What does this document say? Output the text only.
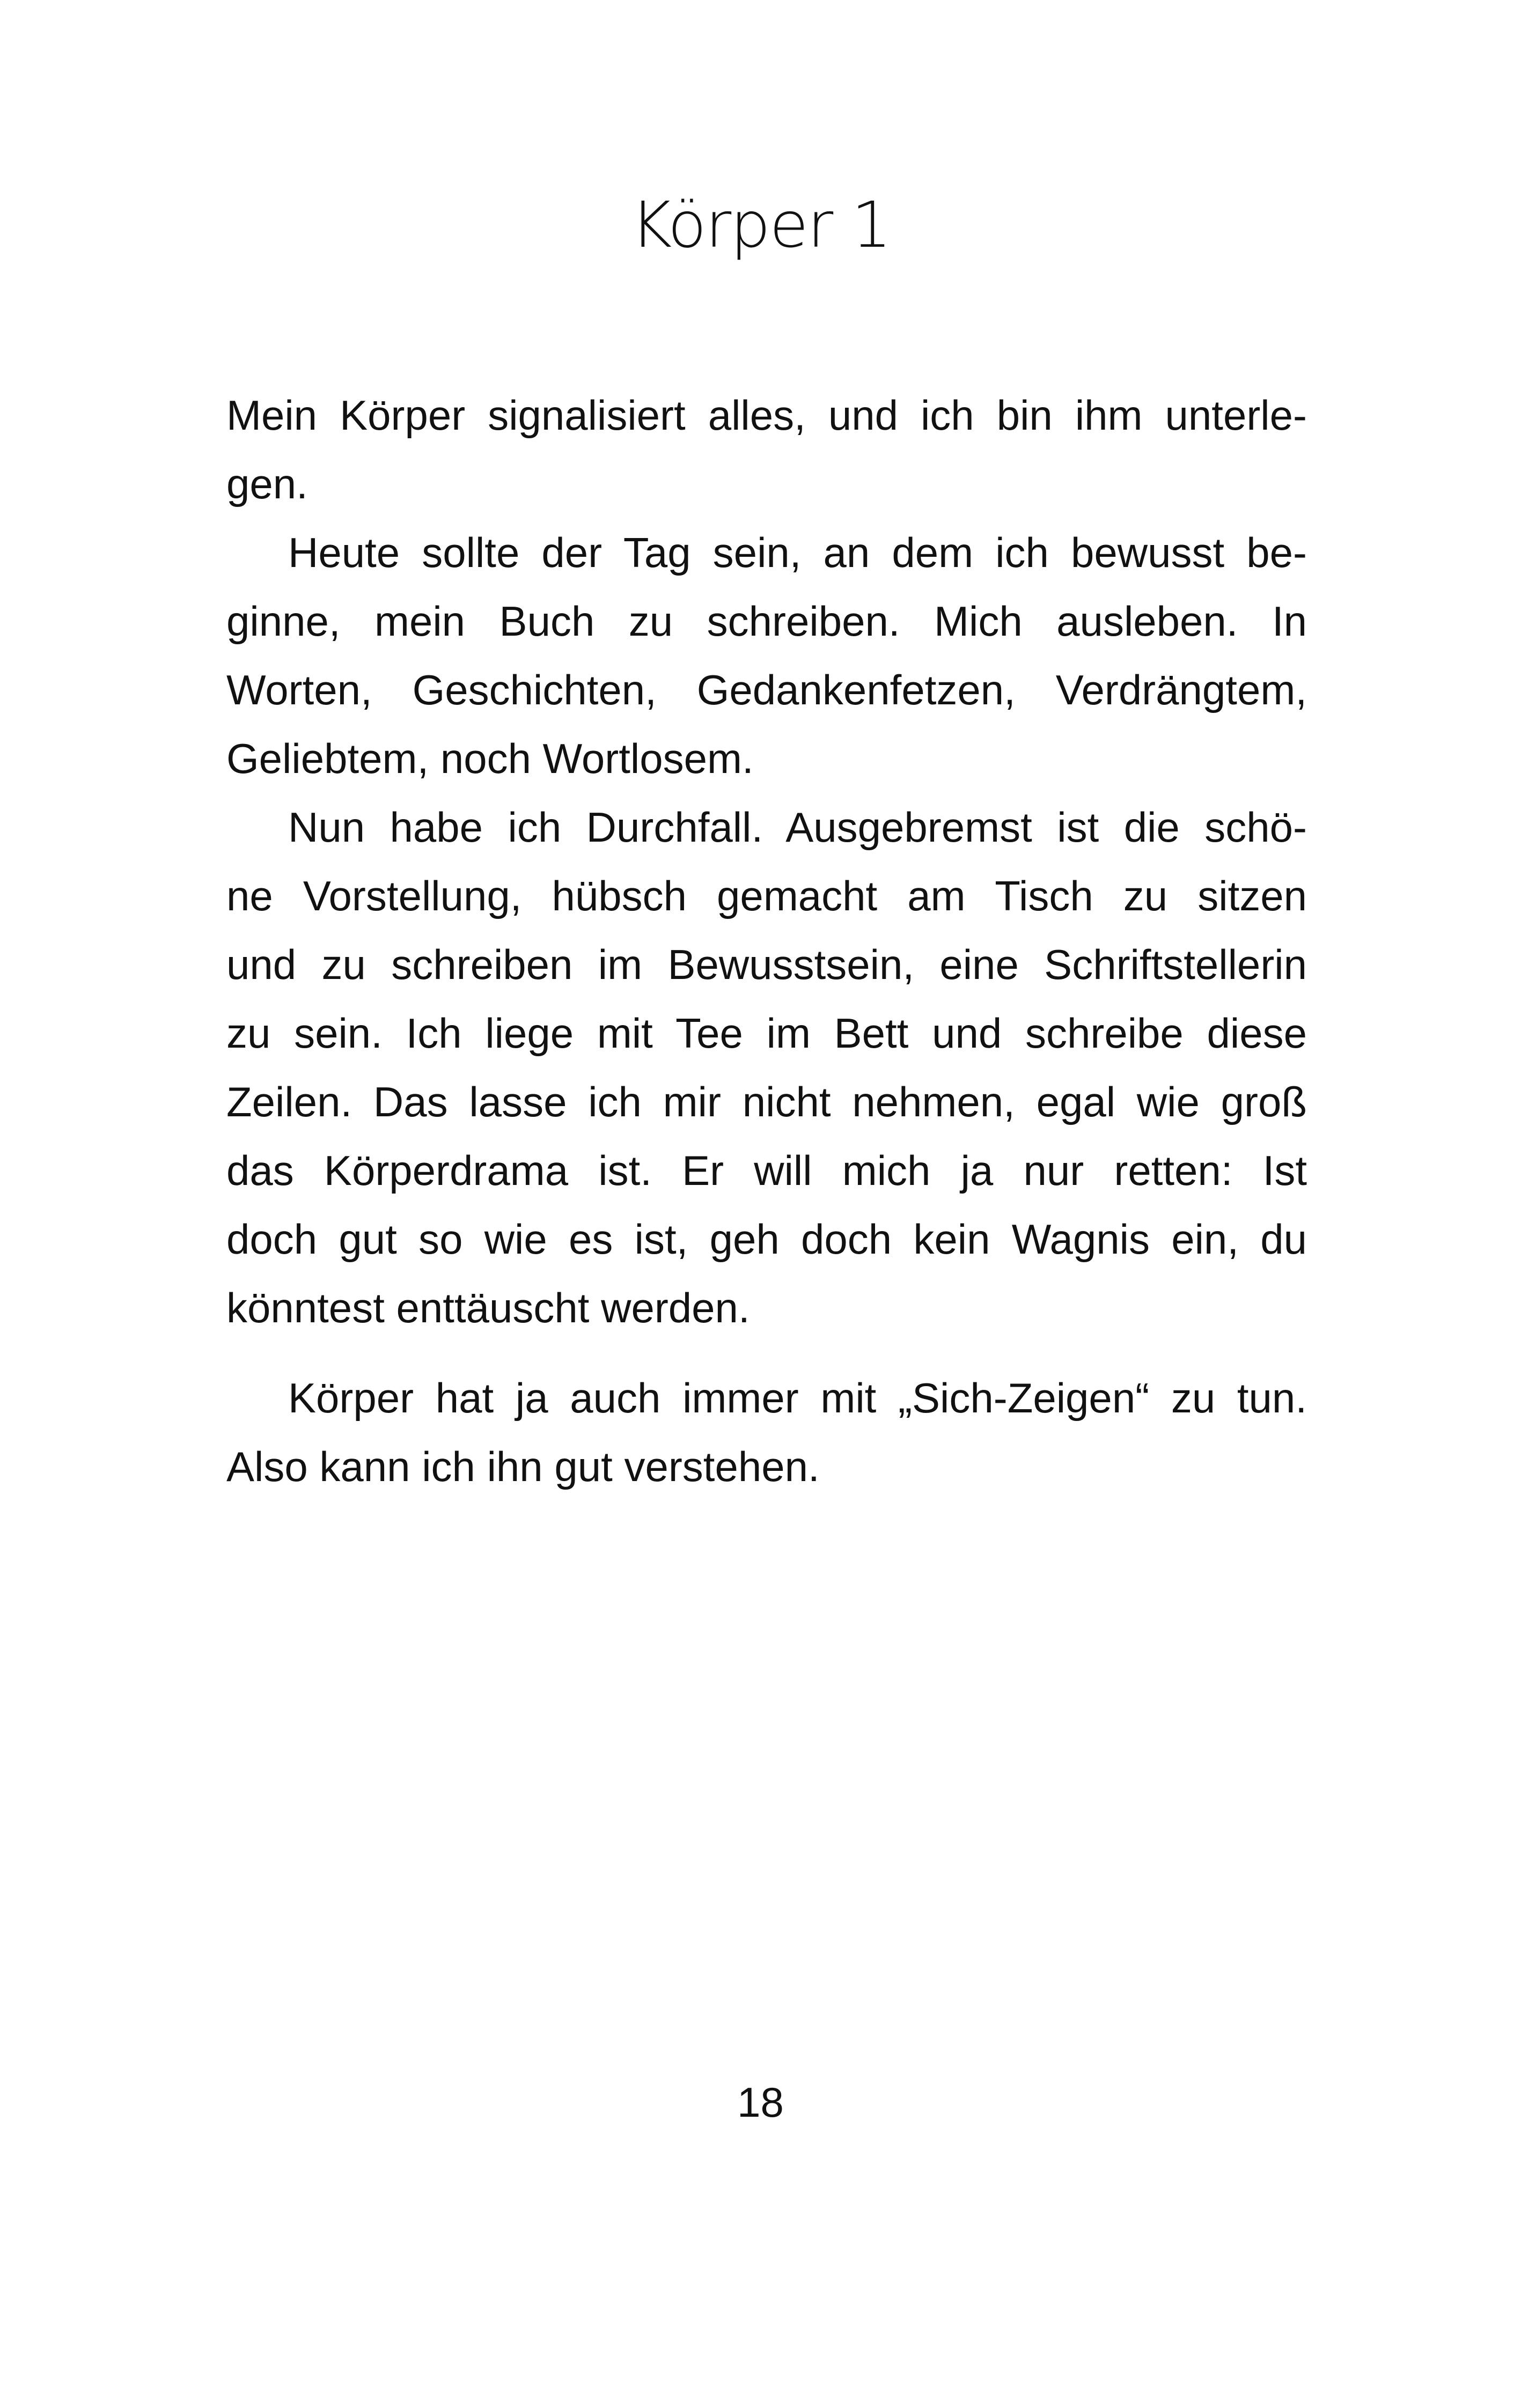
Körper 1

Mein Körper signalisiert alles, und ich bin ihm unterle-
gen.

Heute sollte der Tag sein, an dem ich bewusst be-
ginne, mein Buch zu schreiben. Mich ausleben. In
Worten, Geschichten, Gedankenfetzen, Verdrängtem,
Geliebtem, noch Wortlosem.

Nun habe ich Durchfall. Ausgebremst ist die schö-
ne Vorstellung, hübsch gemacht am Tisch zu sitzen
und zu schreiben im Bewusstsein, eine Schriftstellerin
zu sein. Ich liege mit Tee im Bett und schreibe diese
Zeilen. Das lasse ich mir nicht nehmen, egal wie groß
das Körperdrama ist. Er will mich ja nur retten: Ist
doch gut so wie es ist, geh doch kein Wagnis ein, du
könntest enttäuscht werden.

Körper hat ja auch immer mit „Sich-Zeigen“ zu tun.
Also kann ich ihn gut verstehen.

18
